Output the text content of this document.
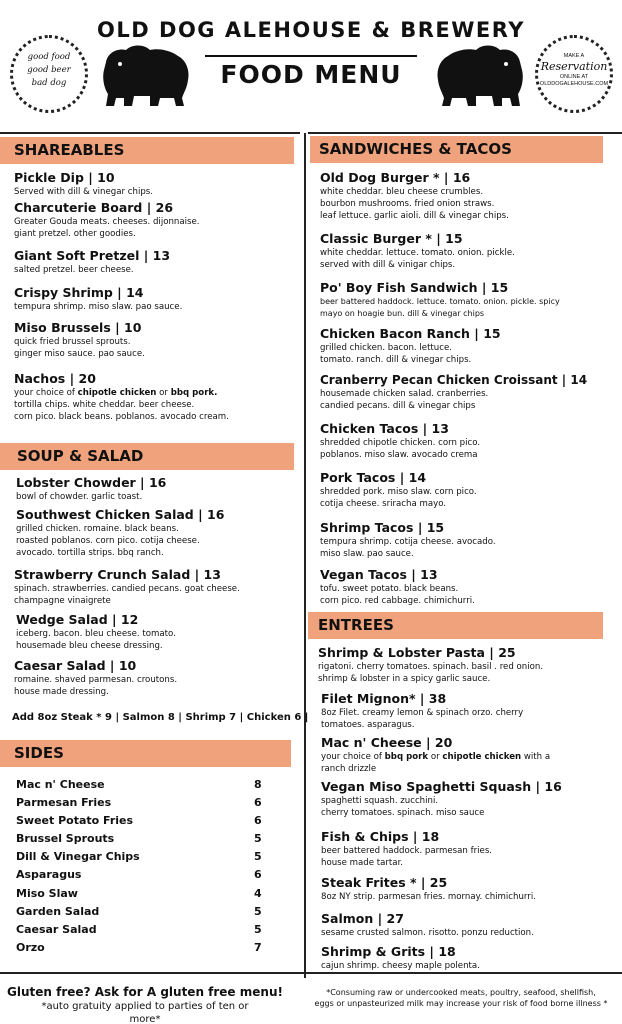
OLD DOG ALEHOUSE & BREWERY
FOOD MENU
good food
good beer
bad dog
MAKE A
Reservation
ONLINE AT
OLDDOGALEHOUSE.COM
SHAREABLES
Pickle Dip | 10
Served with dill & vinegar chips.
Charcuterie Board | 26
Greater Gouda meats. cheeses. dijonnaise.
giant pretzel. other goodies.
Giant Soft Pretzel | 13
salted pretzel. beer cheese.
Crispy Shrimp | 14
tempura shrimp. miso slaw. pao sauce.
Miso Brussels | 10
quick fried brussel sprouts.
ginger miso sauce. pao sauce.
Nachos | 20
your choice of chipotle chicken or bbq pork.
tortilla chips. white cheddar. beer cheese.
corn pico. black beans. poblanos. avocado cream.
SOUP & SALAD
Lobster Chowder | 16
bowl of chowder. garlic toast.
Southwest Chicken Salad | 16
grilled chicken. romaine. black beans.
roasted poblanos. corn pico. cotija cheese.
avocado. tortilla strips. bbq ranch.
Strawberry Crunch Salad | 13
spinach. strawberries. candied pecans. goat cheese.
champagne vinaigrete
Wedge Salad | 12
iceberg. bacon. bleu cheese. tomato.
housemade bleu cheese dressing.
Caesar Salad | 10
romaine. shaved parmesan. croutons.
house made dressing.
Add 8oz Steak * 9 | Salmon 8 | Shrimp 7 | Chicken 6 |
SIDES
Mac n' Cheese	8
Parmesan Fries	6
Sweet Potato Fries	6
Brussel Sprouts	5
Dill & Vinegar Chips	5
Asparagus	6
Miso Slaw	4
Garden Salad	5
Caesar Salad	5
Orzo	7
SANDWICHES & TACOS
Old Dog Burger * | 16
white cheddar. bleu cheese crumbles.
bourbon mushrooms. fried onion straws.
leaf lettuce. garlic aioli. dill & vinegar chips.
Classic Burger * | 15
white cheddar. lettuce. tomato. onion. pickle.
served with dill & vinigar chips.
Po' Boy Fish Sandwich | 15
beer battered haddock. lettuce. tomato. onion. pickle. spicy
mayo on hoagie bun. dill & vinegar chips
Chicken Bacon Ranch | 15
grilled chicken. bacon. lettuce.
tomato. ranch. dill & vinegar chips.
Cranberry Pecan Chicken Croissant | 14
housemade chicken salad. cranberries.
candied pecans. dill & vinegar chips
Chicken Tacos | 13
shredded chipotle chicken. corn pico.
poblanos. miso slaw. avocado crema
Pork Tacos | 14
shredded pork. miso slaw. corn pico.
cotija cheese. sriracha mayo.
Shrimp Tacos | 15
tempura shrimp. cotija cheese. avocado.
miso slaw. pao sauce.
Vegan Tacos | 13
tofu. sweet potato. black beans.
corn pico. red cabbage. chimichurri.
ENTREES
Shrimp & Lobster Pasta | 25
rigatoni. cherry tomatoes. spinach. basil . red onion.
shrimp & lobster in a spicy garlic sauce.
Filet Mignon* | 38
8oz Filet. creamy lemon & spinach orzo. cherry
tomatoes. asparagus.
Mac n' Cheese | 20
your choice of bbq pork or chipotle chicken with a
ranch drizzle
Vegan Miso Spaghetti Squash | 16
spaghetti squash. zucchini.
cherry tomatoes. spinach. miso sauce
Fish & Chips | 18
beer battered haddock. parmesan fries.
house made tartar.
Steak Frites * | 25
8oz NY strip. parmesan fries. mornay. chimichurri.
Salmon | 27
sesame crusted salmon. risotto. ponzu reduction.
Shrimp & Grits | 18
cajun shrimp. cheesy maple polenta.
Gluten free? Ask for A gluten free menu!
*auto gratuity applied to parties of ten or
more*
*Consuming raw or undercooked meats, poultry, seafood, shellfish,
eggs or unpasteurized milk may increase your risk of food borne illness *
